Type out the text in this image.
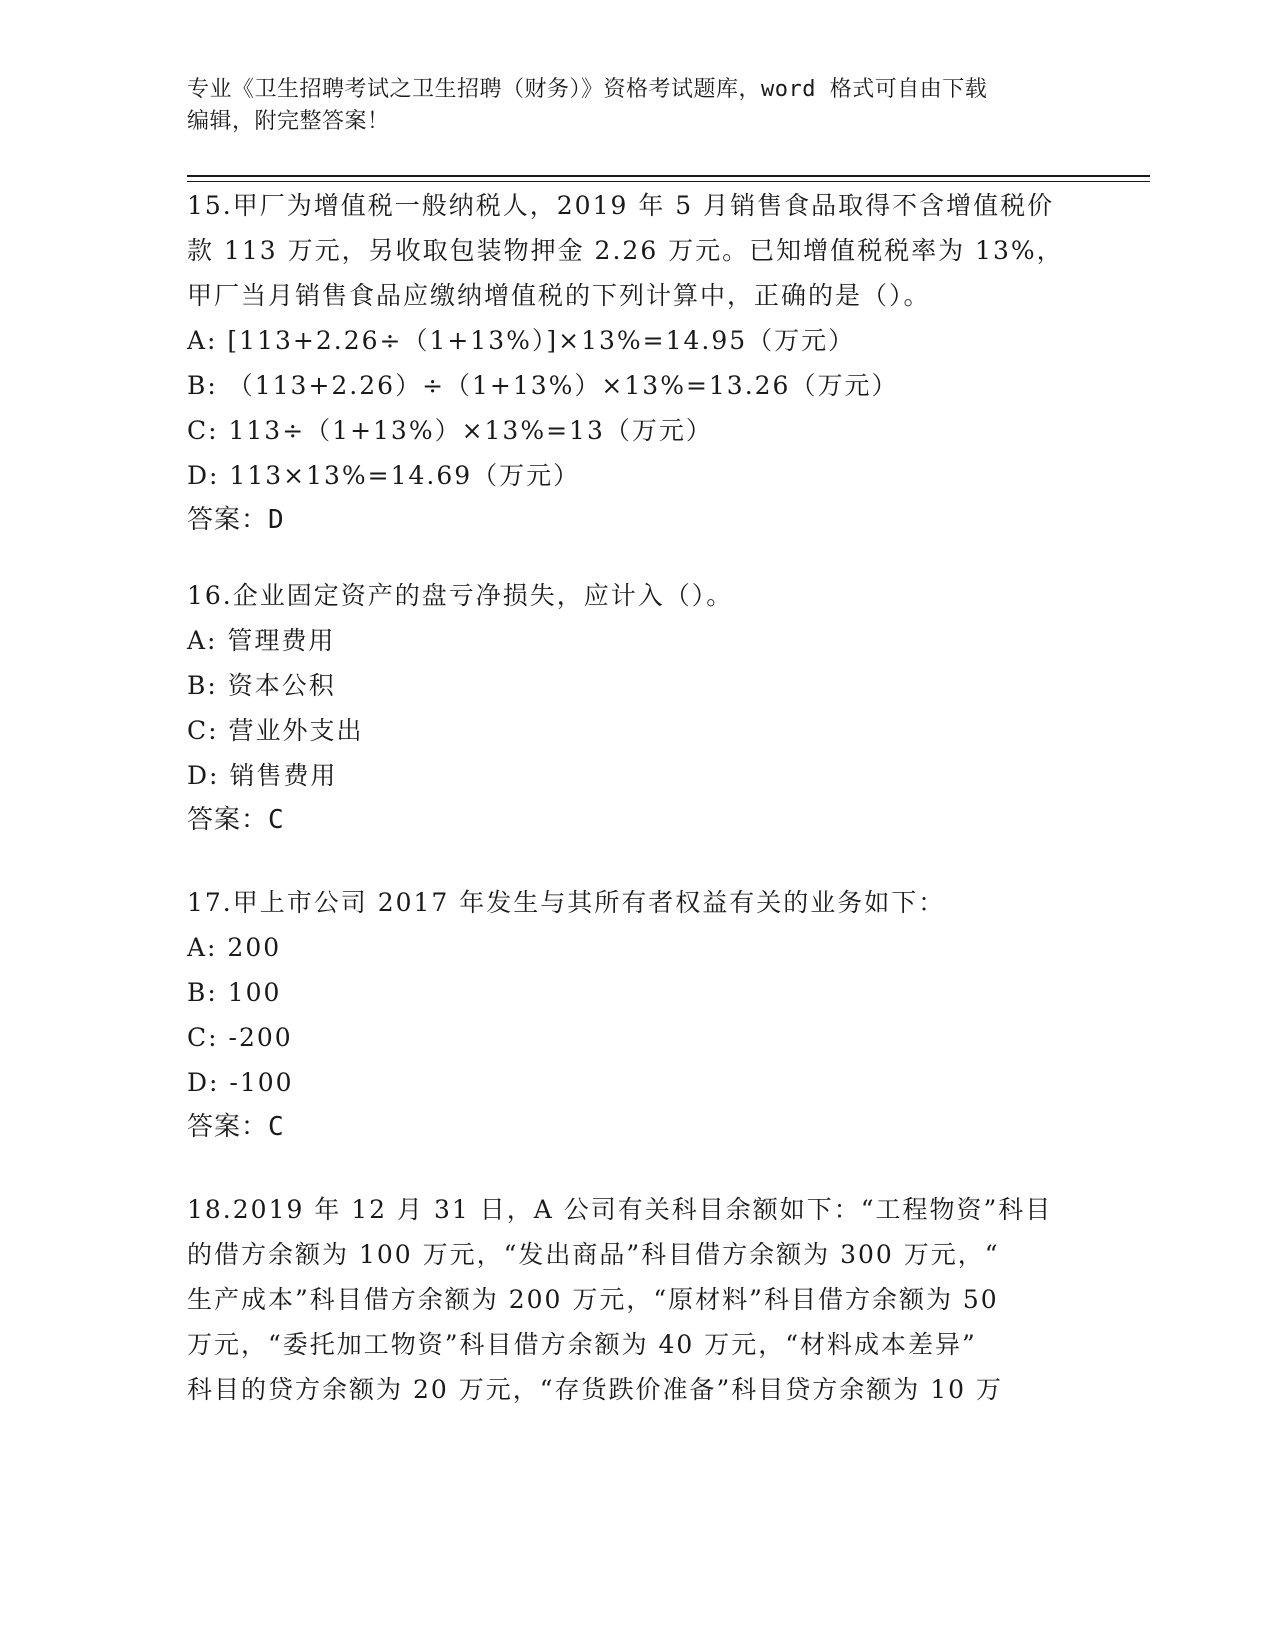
专业《卫生招聘考试之卫生招聘（财务）》资格考试题库，word 格式可自由下载
编辑，附完整答案！
15.甲厂为增值税一般纳税人，2019 年 5 月销售食品取得不含增值税价
款 113 万元，另收取包装物押金 2.26 万元。已知增值税税率为 13%，
甲厂当月销售食品应缴纳增值税的下列计算中，正确的是（）。
A: [113+2.26÷（1+13%）]×13%=14.95（万元）
B: （113+2.26）÷（1+13%）×13%=13.26（万元）
C: 113÷（1+13%）×13%=13（万元）
D: 113×13%=14.69（万元）
答案：D
16.企业固定资产的盘亏净损失，应计入（）。
A: 管理费用
B: 资本公积
C: 营业外支出
D: 销售费用
答案：C
17.甲上市公司 2017 年发生与其所有者权益有关的业务如下：
A: 200
B: 100
C: -200
D: -100
答案：C
18.2019 年 12 月 31 日，A 公司有关科目余额如下：“工程物资”科目
的借方余额为 100 万元，“发出商品”科目借方余额为 300 万元，“
生产成本”科目借方余额为 200 万元，“原材料”科目借方余额为 50
万元，“委托加工物资”科目借方余额为 40 万元，“材料成本差异”
科目的贷方余额为 20 万元，“存货跌价准备”科目贷方余额为 10 万
